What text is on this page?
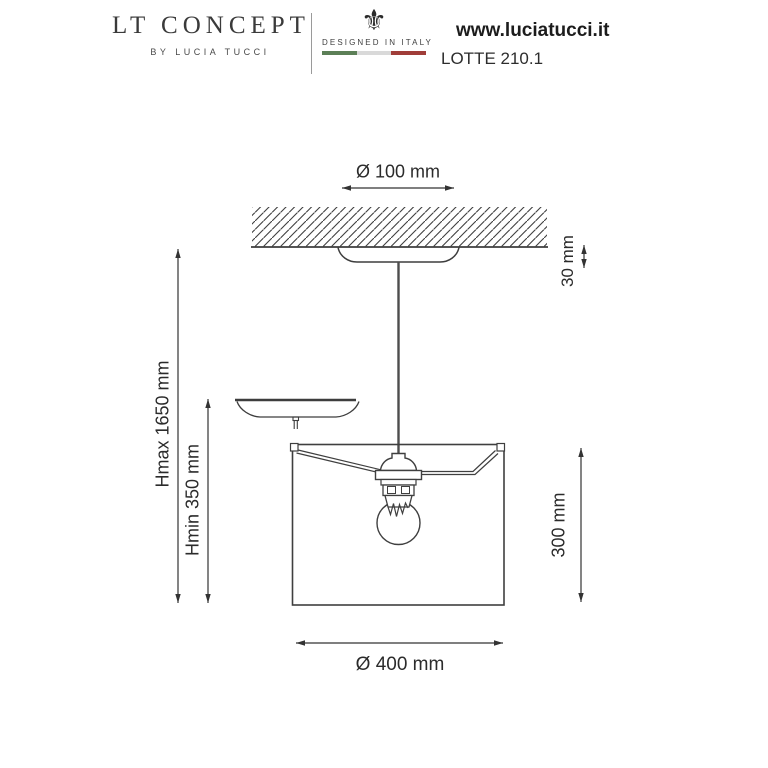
LT CONCEPT
BY LUCIA TUCCI
⚜
DESIGNED IN ITALY
www.luciatucci.it
LOTTE 210.1
Ø 100 mm
30 mm
Hmax 1650 mm
Hmin 350 mm	300 mm
Ø 400 mm
